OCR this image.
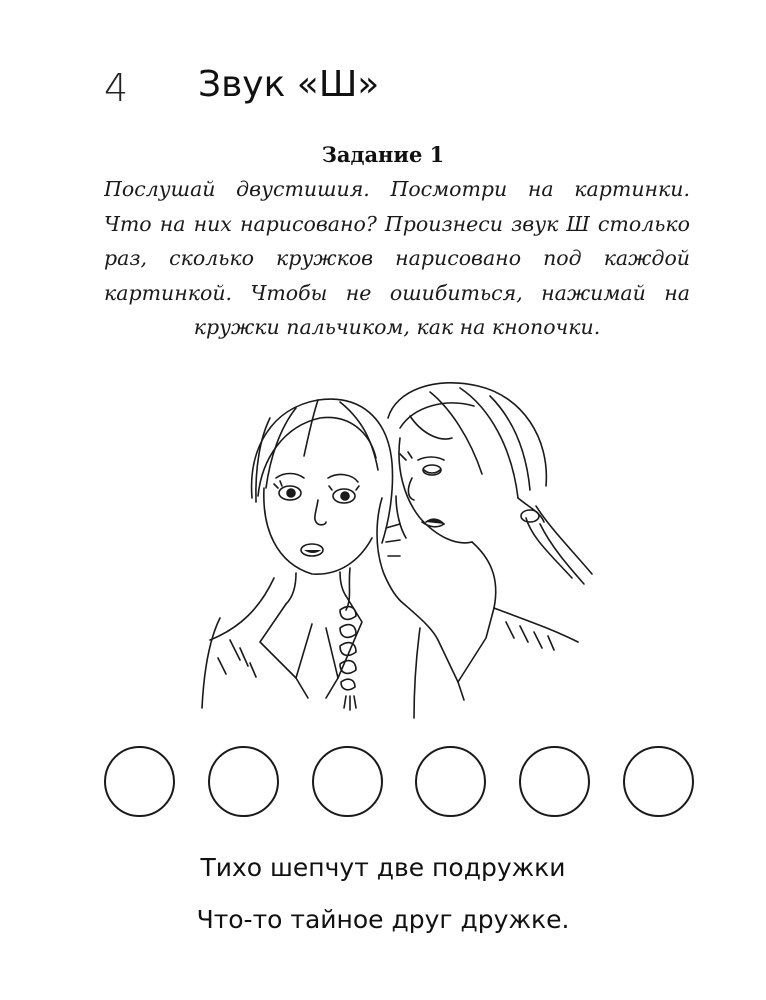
4 Звук «Ш»
Задание 1
Послушай двустишия. Посмотри на картинки.
Что на них нарисовано? Произнеси звук Ш столько
раз, сколько кружков нарисовано под каждой
картинкой. Чтобы не ошибиться, нажимай на
кружки пальчиком, как на кнопочки.
Тихо шепчут две подружки
Что-то тайное друг дружке.
